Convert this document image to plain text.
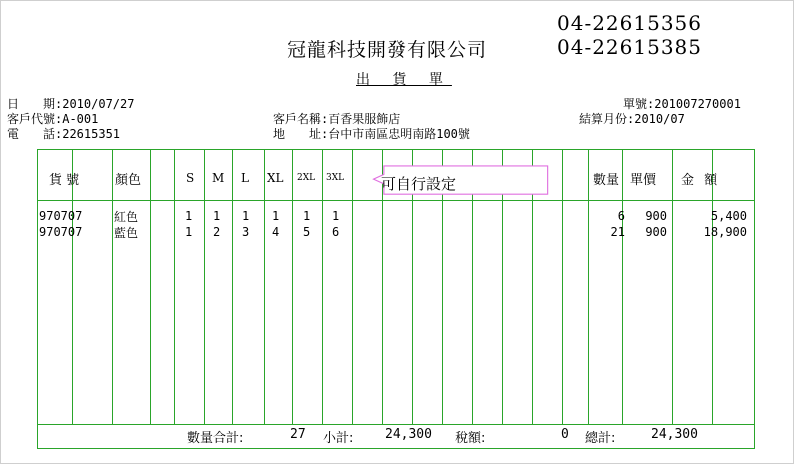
冠龍科技開發有限公司
出 貨 單
04-22615356
04-22615385
日　　期:2010/07/27
客戶代號:A-001
電　　話:22615351
客戶名稱:百香果服飾店
地　　址:台中市南區忠明南路100號
單號:201007270001
結算月份:2010/07
貨 號	顏色	S M L XL 2XL 3XL	數量 單價 金 額
可自行設定
970707	紅色	1 1 1 1 1 1	6	900	5,400
970707	藍色	1 2 3 4 5 6	21	900	18,900
數量合計:	27 小計: 24,300 稅額:	0 總計:	24,300
